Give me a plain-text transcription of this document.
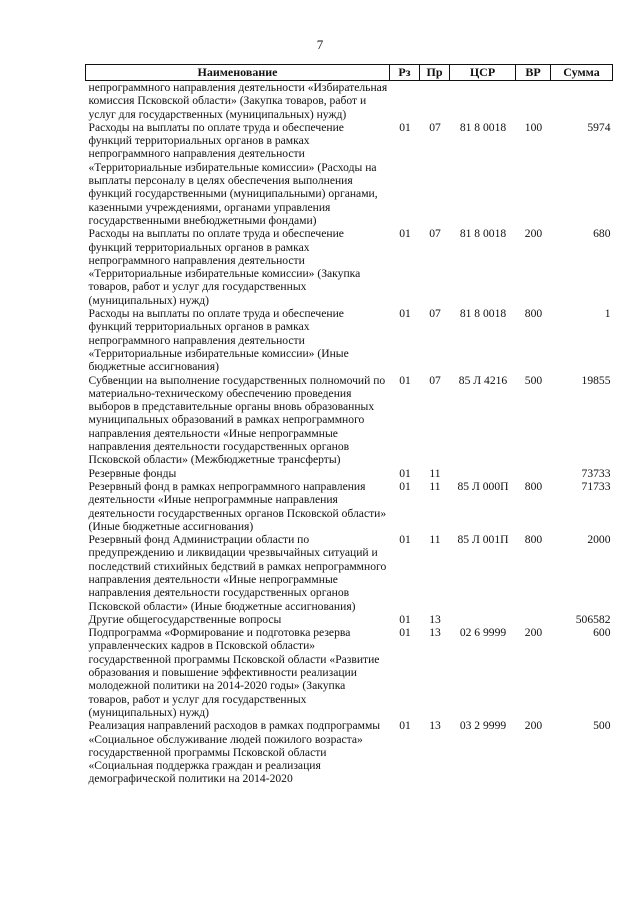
7
Наименование	Рз	Пр	ЦСР	ВР	Сумма
непрограммного направления деятельности «Избирательная комиссия Псковской области» (Закупка товаров, работ и услуг для государственных (муниципальных) нужд)					
Расходы на выплаты по оплате труда и обеспечение функций территориальных органов в рамках непрограммного направления деятельности «Территориальные избирательные комиссии» (Расходы на выплаты персоналу в целях обеспечения выполнения функций государственными (муниципальными) органами, казенными учреждениями, органами управления государственными внебюджетными фондами)	01	07	81 8 0018	100	5974
Расходы на выплаты по оплате труда и обеспечение функций территориальных органов в рамках непрограммного направления деятельности «Территориальные избирательные комиссии» (Закупка товаров, работ и услуг для государственных (муниципальных) нужд)	01	07	81 8 0018	200	680
Расходы на выплаты по оплате труда и обеспечение функций территориальных органов в рамках непрограммного направления деятельности «Территориальные избирательные комиссии» (Иные бюджетные ассигнования)	01	07	81 8 0018	800	1
Субвенции на выполнение государственных полномочий по материально-техническому обеспечению проведения выборов в представительные органы вновь образованных муниципальных образований в рамках непрограммного направления деятельности «Иные непрограммные направления деятельности государственных органов Псковской области» (Межбюджетные трансферты)	01	07	85 Л 4216	500	19855
Резервные фонды	01	11			73733
Резервный фонд в рамках непрограммного направления деятельности «Иные непрограммные направления деятельности государственных органов Псковской области» (Иные бюджетные ассигнования)	01	11	85 Л 000П	800	71733
Резервный фонд Администрации области по предупреждению и ликвидации чрезвычайных ситуаций и последствий стихийных бедствий в рамках непрограммного направления деятельности «Иные непрограммные направления деятельности государственных органов Псковской области» (Иные бюджетные ассигнования)	01	11	85 Л 001П	800	2000
Другие общегосударственные вопросы	01	13			506582
Подпрограмма «Формирование и подготовка резерва управленческих кадров в Псковской области» государственной программы Псковской области «Развитие образования и повышение эффективности реализации молодежной политики на 2014-2020 годы» (Закупка товаров, работ и услуг для государственных (муниципальных) нужд)	01	13	02 6 9999	200	600
Реализация направлений расходов в рамках подпрограммы «Социальное обслуживание людей пожилого возраста» государственной программы Псковской области «Социальная поддержка граждан и реализация демографической политики на 2014-2020	01	13	03 2 9999	200	500
